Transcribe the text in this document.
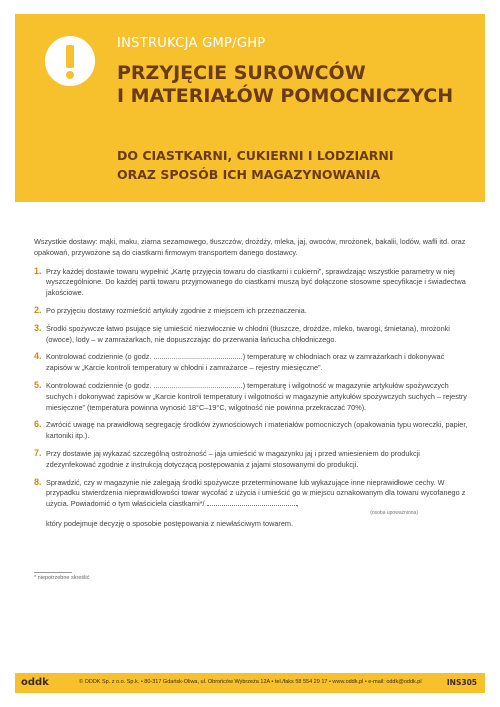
INSTRUKCJA GMP/GHP
PRZYJĘCIE SUROWCÓW
I MATERIAŁÓW POMOCNICZYCH
DO CIASTKARNI, CUKIERNI I LODZIARNI
ORAZ SPOSÓB ICH MAGAZYNOWANIA

Wszystkie dostawy: mąki, maku, ziarna sezamowego, tłuszczów, drożdży, mleka, jaj, owoców, mrożonek, bakalii, lodów, wafli itd. oraz opakowań, przywożone są do ciastkarni firmowym transportem danego dostawcy.

1. Przy każdej dostawie towaru wypełnić „Kartę przyjęcia towaru do ciastkarni i cukierni”, sprawdzając wszystkie parametry w niej wyszczególnione. Do każdej partii towaru przyjmowanego do ciastkarni muszą być dołączone stosowne specyfikacje i świadectwa jakościowe.
2. Po przyjęciu dostawy rozmieścić artykuły zgodnie z miejscem ich przeznaczenia.
3. Środki spożywcze łatwo psujące się umieścić niezwłocznie w chłodni (tłuszcze, drożdże, mleko, twarogi, śmietana), mrożonki (owoce), lody – w zamrażarkach, nie dopuszczając do przerwania łańcucha chłodniczego.
4. Kontrolować codziennie (o godz. ............................................) temperaturę w chłodniach oraz w zamrażarkach i dokonywać zapisów w „Karcie kontroli temperatury w chłodni i zamrażarce – rejestry miesięczne”.
5. Kontrolować codziennie (o godz. ............................................) temperaturę i wilgotność w magazynie artykułów spożywczych suchych i dokonywać zapisów w „Karcie kontroli temperatury i wilgotności w magazynie artykułów spożywczych suchych – rejestry miesięczne” (temperatura powinna wynosić 18°C–19°C, wilgotność nie powinna przekraczać 70%).
6. Zwrócić uwagę na prawidłową segregację środków żywnościowych i materiałów pomocniczych (opakowania typu woreczki, papier, kartoniki itp.).
7. Przy dostawie jaj wykazać szczególną ostrożność – jaja umieścić w magazynku jaj i przed wniesieniem do produkcji zdezynfekować zgodnie z instrukcją dotyczącą postępowania z jajami stosowanymi do produkcji.
8. Sprawdzić, czy w magazynie nie zalegają środki spożywcze przeterminowane lub wykazujące inne nieprawidłowe cechy. W przypadku stwierdzenia nieprawidłowości towar wycofać z użycia i umieścić go w miejscu oznakowanym dla towaru wycofanego z użycia. Powiadomić o tym właściciela ciastkarni*/	,
(osoba upoważniona)
który podejmuje decyzję o sposobie postępowania z niewłaściwym towarem.
* niepotrzebne skreślić
oddk	© ODDK Sp. z o.o. Sp.k. • 80-317 Gdańsk-Oliwa, ul. Obrońców Wybrzeża 12A • tel./faks 58 554 29 17 • www.oddk.pl • e-mail: oddk@oddk.pl	INS305
